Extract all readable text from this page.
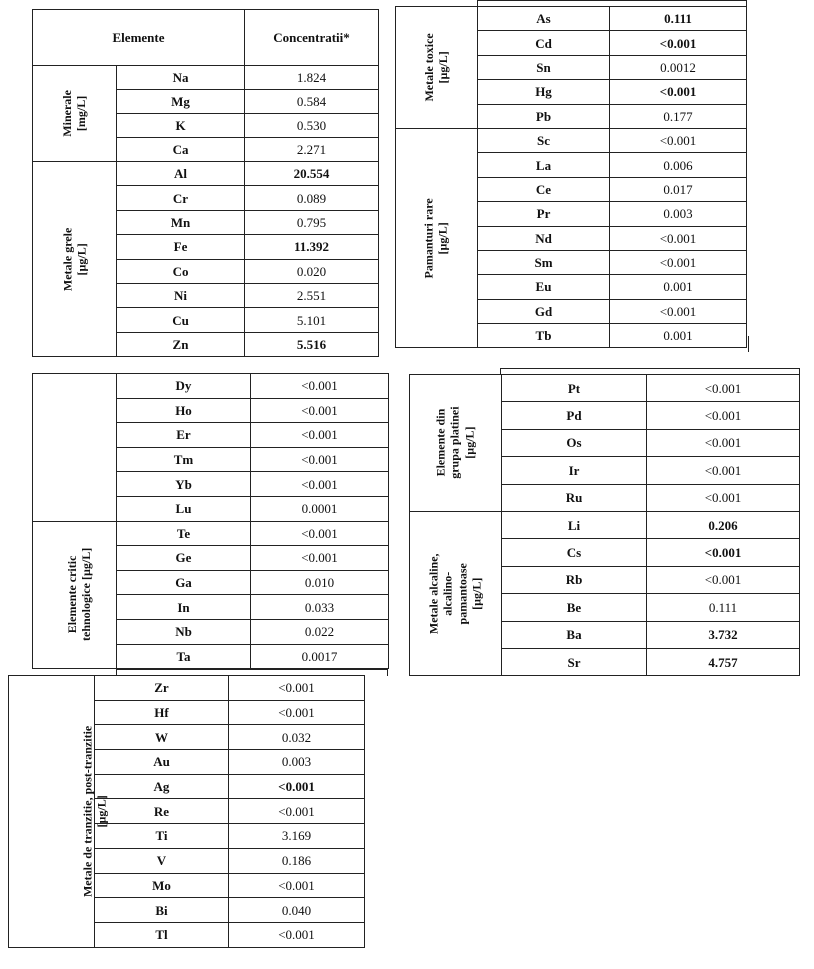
Elemente		Concentratii*

Minerale [mg/L]	Na	1.824
	Mg	0.584
	K	0.530
	Ca	2.271

Metale grele [µg/L]	Al	20.554
	Cr	0.089
	Mn	0.795
	Fe	11.392
	Co	0.020
	Ni	2.551
	Cu	5.101
	Zn	5.516
Metale toxice [µg/L]	As	0.111
	Cd	<0.001
	Sn	0.0012
	Hg	<0.001
	Pb	0.177

Pamanturi rare [µg/L]	Sc	<0.001
	La	0.006
	Ce	0.017
	Pr	0.003
	Nd	<0.001
	Sm	<0.001
	Eu	0.001
	Gd	<0.001
	Tb	0.001
	Dy	<0.001
	Ho	<0.001
	Er	<0.001
	Tm	<0.001
	Yb	<0.001
	Lu	0.0001

Elemente critic tehnologice [µg/L]	Te	<0.001
	Ge	<0.001
	Ga	0.010
	In	0.033
	Nb	0.022
	Ta	0.0017
Elemente din grupa platinei [µg/L]	Pt	<0.001
	Pd	<0.001
	Os	<0.001
	Ir	<0.001
	Ru	<0.001

Metale alcaline, alcalino- pamantoase [µg/L]	Li	0.206
	Cs	<0.001
	Rb	<0.001
	Be	0.111
	Ba	3.732
	Sr	4.757
Metale de tranzitie, post-tranzitie [µg/L]	Zr	<0.001
	Hf	<0.001
	W	0.032
	Au	0.003
	Ag	<0.001
	Re	<0.001
	Ti	3.169
	V	0.186
	Mo	<0.001
	Bi	0.040
	Tl	<0.001
